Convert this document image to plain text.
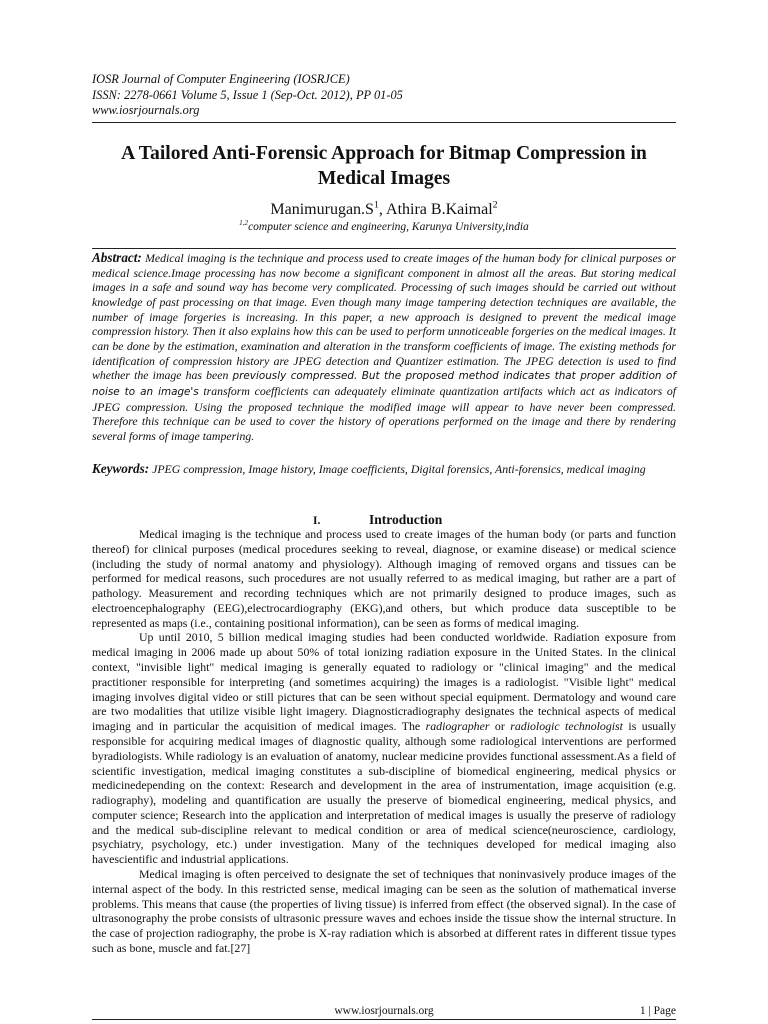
IOSR Journal of Computer Engineering (IOSRJCE)
ISSN: 2278-0661 Volume 5, Issue 1 (Sep-Oct. 2012), PP 01-05
www.iosrjournals.org
A Tailored Anti-Forensic Approach for Bitmap Compression in
Medical Images
$Manimurugan.S^1$, Athira B.Kaimal$^2$
$^{1,2}$computer science and engineering, Karunya University,india
Abstract: Medical imaging is the technique and process used to create images of the human body for clinical purposes or medical science.Image processing has now become a significant component in almost all the areas. But storing medical images in a safe and sound way has become very complicated. Processing of such images should be carried out without knowledge of past processing on that image. Even though many image tampering detection techniques are available, the number of image forgeries is increasing. In this paper, a new approach is designed to prevent the medical image compression history. Then it also explains how this can be used to perform unnoticeable forgeries on the medical images. It can be done by the estimation, examination and alteration in the transform coefficients of image. The existing methods for identification of compression history are JPEG detection and Quantizer estimation. The JPEG detection is used to find whether the image has been previously compressed. But the proposed method indicates that proper addition of noise to an image's transform coefficients can adequately eliminate quantization artifacts which act as indicators of JPEG compression. Using the proposed technique the modified image will appear to have never been compressed. Therefore this technique can be used to cover the history of operations performed on the image and there by rendering several forms of image tampering.
Keywords: JPEG compression, Image history, Image coefficients, Digital forensics, Anti-forensics, medical imaging
I.	Introduction

Medical imaging is the technique and process used to create images of the human body (or parts and function thereof) for clinical purposes (medical procedures seeking to reveal, diagnose, or examine disease) or medical science (including the study of normal anatomy and physiology). Although imaging of removed organs and tissues can be performed for medical reasons, such procedures are not usually referred to as medical imaging, but rather are a part of pathology. Measurement and recording techniques which are not primarily designed to produce images, such as electroencephalography (EEG),electrocardiography (EKG),and others, but which produce data susceptible to be represented as maps (i.e., containing positional information), can be seen as forms of medical imaging.

Up until 2010, 5 billion medical imaging studies had been conducted worldwide. Radiation exposure from medical imaging in 2006 made up about 50% of total ionizing radiation exposure in the United States. In the clinical context, "invisible light" medical imaging is generally equated to radiology or "clinical imaging" and the medical practitioner responsible for interpreting (and sometimes acquiring) the images is a radiologist. "Visible light" medical imaging involves digital video or still pictures that can be seen without special equipment. Dermatology and wound care are two modalities that utilize visible light imagery. Diagnosticradiography designates the technical aspects of medical imaging and in particular the acquisition of medical images. The radiographer or radiologic technologist is usually responsible for acquiring medical images of diagnostic quality, although some radiological interventions are performed byradiologists. While radiology is an evaluation of anatomy, nuclear medicine provides functional assessment.As a field of scientific investigation, medical imaging constitutes a sub-discipline of biomedical engineering, medical physics or medicinedepending on the context: Research and development in the area of instrumentation, image acquisition (e.g. radiography), modeling and quantification are usually the preserve of biomedical engineering, medical physics, and computer science; Research into the application and interpretation of medical images is usually the preserve of radiology and the medical sub-discipline relevant to medical condition or area of medical science(neuroscience, cardiology, psychiatry, psychology, etc.) under investigation. Many of the techniques developed for medical imaging also havescientific and industrial applications.

Medical imaging is often perceived to designate the set of techniques that noninvasively produce images of the internal aspect of the body. In this restricted sense, medical imaging can be seen as the solution of mathematical inverse problems. This means that cause (the properties of living tissue) is inferred from effect (the observed signal). In the case of ultrasonography the probe consists of ultrasonic pressure waves and echoes inside the tissue show the internal structure. In the case of projection radiography, the probe is X-ray radiation which is absorbed at different rates in different tissue types such as bone, muscle and fat.[27]

www.iosrjournals.org	1 | Page
